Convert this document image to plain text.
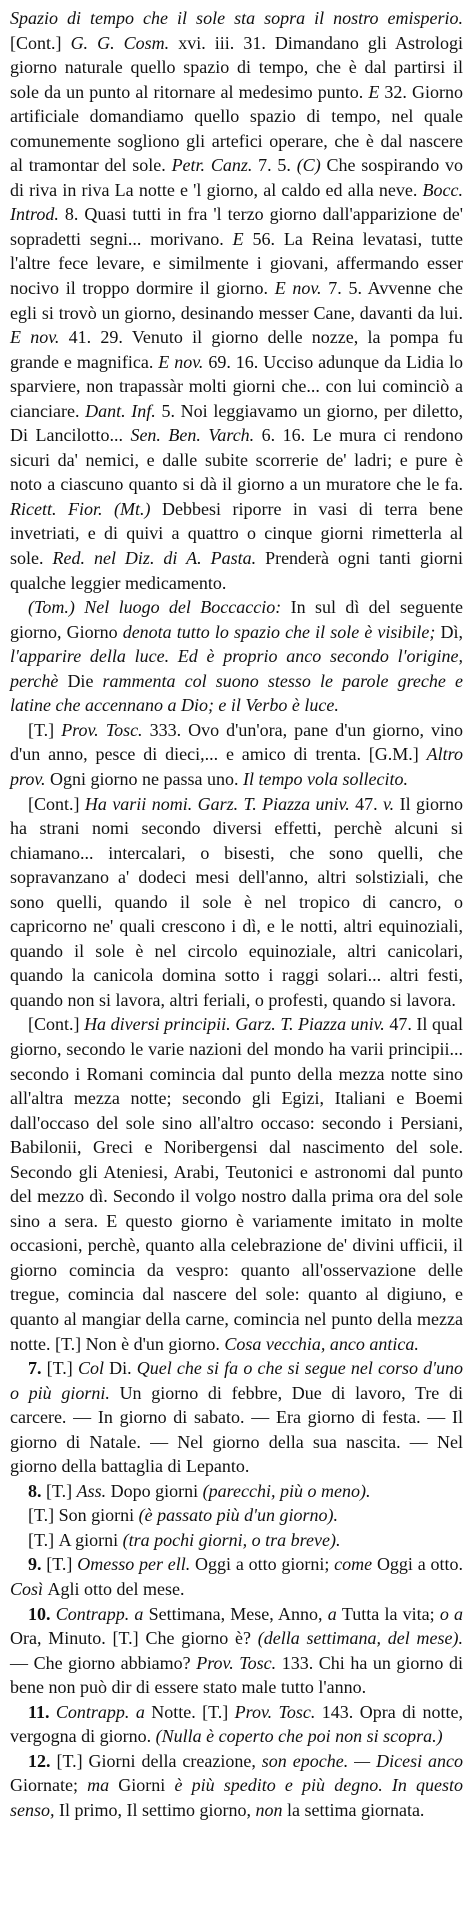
Spazio di tempo che il sole sta sopra il nostro emisperio. [Cont.] G. G. Cosm. xvi. iii. 31. Dimandano gli Astrologi giorno naturale quello spazio di tempo, che è dal partirsi il sole da un punto al ritornare al medesimo punto. E 32. Giorno artificiale domandiamo quello spazio di tempo, nel quale comunemente sogliono gli artefici operare, che è dal nascere al tramontar del sole. Petr. Canz. 7. 5. (C) Che sospirando vo di riva in riva La notte e 'l giorno, al caldo ed alla neve. Bocc. Introd. 8. Quasi tutti in fra 'l terzo giorno dall'apparizione de' sopradetti segni... morivano. E 56. La Reina levatasi, tutte l'altre fece levare, e similmente i giovani, affermando esser nocivo il troppo dormire il giorno. E nov. 7. 5. Avvenne che egli si trovò un giorno, desinando messer Cane, davanti da lui. E nov. 41. 29. Venuto il giorno delle nozze, la pompa fu grande e magnifica. E nov. 69. 16. Ucciso adunque da Lidia lo sparviere, non trapassàr molti giorni che... con lui cominciò a cianciare. Dant. Inf. 5. Noi leggiavamo un giorno, per diletto, Di Lancilotto... Sen. Ben. Varch. 6. 16. Le mura ci rendono sicuri da' nemici, e dalle subite scorrerie de' ladri; e pure è noto a ciascuno quanto si dà il giorno a un muratore che le fa. Ricett. Fior. (Mt.) Debbesi riporre in vasi di terra bene invetriati, e di quivi a quattro o cinque giorni rimetterla al sole. Red. nel Diz. di A. Pasta. Prenderà ogni tanti giorni qualche leggier medicamento.

(Tom.) Nel luogo del Boccaccio: In sul dì del seguente giorno, Giorno denota tutto lo spazio che il sole è visibile; Dì, l'apparire della luce. Ed è proprio anco secondo l'origine, perchè Die rammenta col suono stesso le parole greche e latine che accennano a Dio; e il Verbo è luce.

[T.] Prov. Tosc. 333. Ovo d'un'ora, pane d'un giorno, vino d'un anno, pesce di dieci,... e amico di trenta. [G.M.] Altro prov. Ogni giorno ne passa uno. Il tempo vola sollecito.

[Cont.] Ha varii nomi. Garz. T. Piazza univ. 47. v. Il giorno ha strani nomi secondo diversi effetti, perchè alcuni si chiamano... intercalari, o bisesti, che sono quelli, che sopravanzano a' dodeci mesi dell'anno, altri solstiziali, che sono quelli, quando il sole è nel tropico di cancro, o capricorno ne' quali crescono i dì, e le notti, altri equinoziali, quando il sole è nel circolo equinoziale, altri canicolari, quando la canicola domina sotto i raggi solari... altri festi, quando non si lavora, altri feriali, o profesti, quando si lavora.

[Cont.] Ha diversi principii. Garz. T. Piazza univ. 47. Il qual giorno, secondo le varie nazioni del mondo ha varii principii... secondo i Romani comincia dal punto della mezza notte sino all'altra mezza notte; secondo gli Egizi, Italiani e Boemi dall'occaso del sole sino all'altro occaso: secondo i Persiani, Babilonii, Greci e Noribergensi dal nascimento del sole. Secondo gli Ateniesi, Arabi, Teutonici e astronomi dal punto del mezzo dì. Secondo il volgo nostro dalla prima ora del sole sino a sera. E questo giorno è variamente imitato in molte occasioni, perchè, quanto alla celebrazione de' divini ufficii, il giorno comincia da vespro: quanto all'osservazione delle tregue, comincia dal nascere del sole: quanto al digiuno, e quanto al mangiar della carne, comincia nel punto della mezza notte. [T.] Non è d'un giorno. Cosa vecchia, anco antica.

7. [T.] Col Di. Quel che si fa o che si segue nel corso d'uno o più giorni. Un giorno di febbre, Due di lavoro, Tre di carcere. — In giorno di sabato. — Era giorno di festa. — Il giorno di Natale. — Nel giorno della sua nascita. — Nel giorno della battaglia di Lepanto.

8. [T.] Ass. Dopo giorni (parecchi, più o meno).

[T.] Son giorni (è passato più d'un giorno).

[T.] A giorni (tra pochi giorni, o tra breve).

9. [T.] Omesso per ell. Oggi a otto giorni; come Oggi a otto. Così Agli otto del mese.

10. Contrapp. a Settimana, Mese, Anno, a Tutta la vita; o a Ora, Minuto. [T.] Che giorno è? (della settimana, del mese). — Che giorno abbiamo? Prov. Tosc. 133. Chi ha un giorno di bene non può dir di essere stato male tutto l'anno.

11. Contrapp. a Notte. [T.] Prov. Tosc. 143. Opra di notte, vergogna di giorno. (Nulla è coperto che poi non si scopra.)

12. [T.] Giorni della creazione, son epoche. — Dicesi anco Giornate; ma Giorni è più spedito e più degno. In questo senso, Il primo, Il settimo giorno, non la settima giornata.
